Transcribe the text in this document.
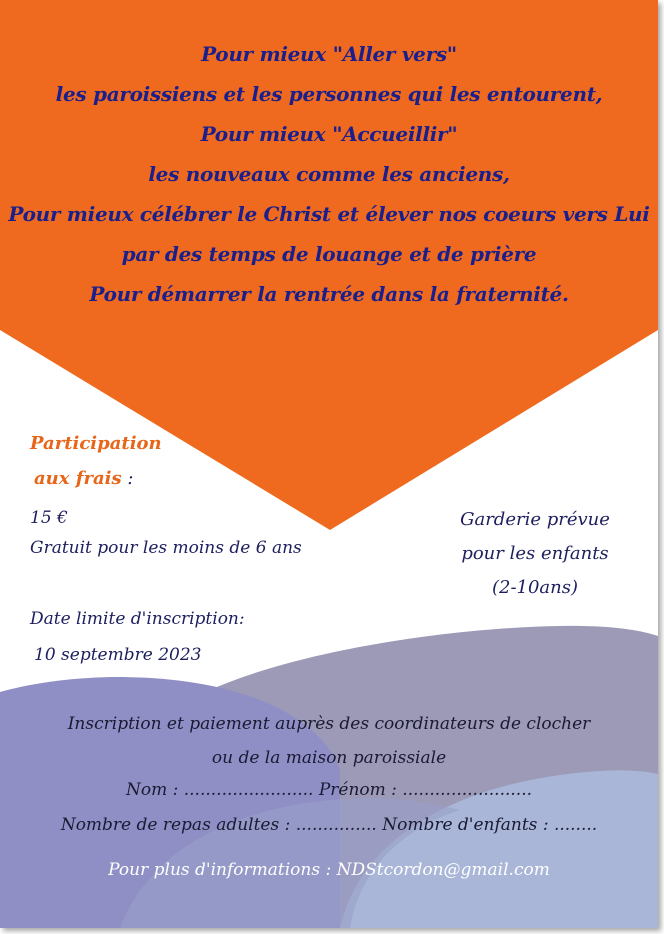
Pour mieux "Aller vers"
les paroissiens et les personnes qui les entourent,
Pour mieux "Accueillir"
les nouveaux comme les anciens,
Pour mieux célébrer le Christ et élever nos coeurs vers Lui
par des temps de louange et de prière
Pour démarrer la rentrée dans la fraternité.
Participation
aux frais :
15 €
Gratuit pour les moins de 6 ans
Garderie prévue
pour les enfants
(2-10ans)
Date limite d'inscription:
10 septembre 2023
Inscription et paiement auprès des coordinateurs de clocher
ou de la maison paroissiale
Nom : ........................ Prénom : ........................
Nombre de repas adultes : ............... Nombre d'enfants : ........
Pour plus d'informations : NDStcordon@gmail.com
